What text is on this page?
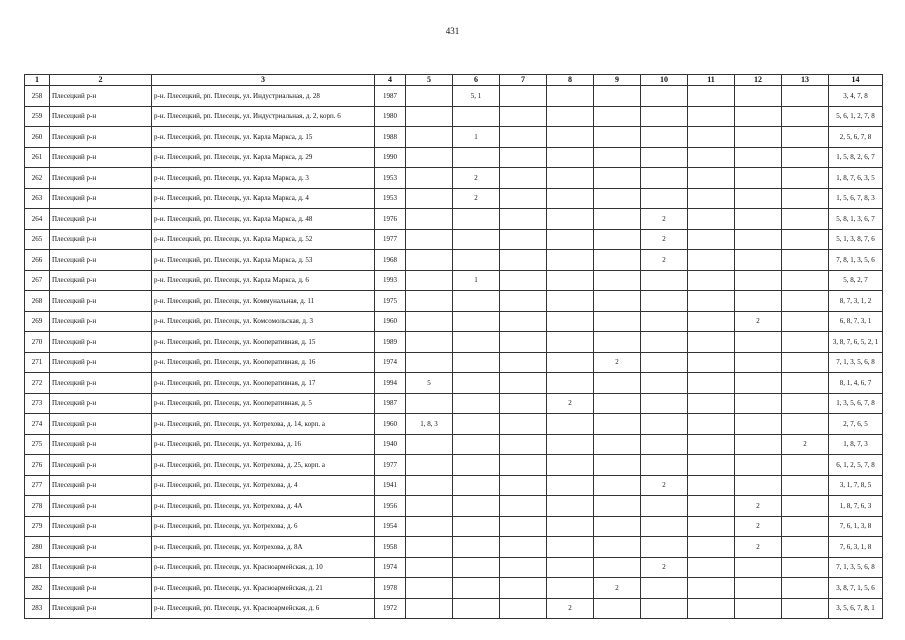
431
1	2	3	4	5	6	7	8	9	10	11	12	13	14
258	Плесецкий р-н	р-н. Плесецкий, рп. Плесецк, ул. Индустриальная, д. 28	1987		5, 1								3, 4, 7, 8
259	Плесецкий р-н	р-н. Плесецкий, рп. Плесецк, ул. Индустриальная, д. 2, корп. 6	1980										5, 6, 1, 2, 7, 8
260	Плесецкий р-н	р-н. Плесецкий, рп. Плесецк, ул. Карла Маркса, д. 15	1988		1								2, 5, 6, 7, 8
261	Плесецкий р-н	р-н. Плесецкий, рп. Плесецк, ул. Карла Маркса, д. 29	1990										1, 5, 8, 2, 6, 7
262	Плесецкий р-н	р-н. Плесецкий, рп. Плесецк, ул. Карла Маркса, д. 3	1953		2								1, 8, 7, 6, 3, 5
263	Плесецкий р-н	р-н. Плесецкий, рп. Плесецк, ул. Карла Маркса, д. 4	1953		2								1, 5, 6, 7, 8, 3
264	Плесецкий р-н	р-н. Плесецкий, рп. Плесецк, ул. Карла Маркса, д. 48	1976						2				5, 8, 1, 3, 6, 7
265	Плесецкий р-н	р-н. Плесецкий, рп. Плесецк, ул. Карла Маркса, д. 52	1977						2				5, 1, 3, 8, 7, 6
266	Плесецкий р-н	р-н. Плесецкий, рп. Плесецк, ул. Карла Маркса, д. 53	1968						2				7, 8, 1, 3, 5, 6
267	Плесецкий р-н	р-н. Плесецкий, рп. Плесецк, ул. Карла Маркса, д. 6	1993		1								5, 8, 2, 7
268	Плесецкий р-н	р-н. Плесецкий, рп. Плесецк, ул. Коммунальная, д. 11	1975										8, 7, 3, 1, 2
269	Плесецкий р-н	р-н. Плесецкий, рп. Плесецк, ул. Комсомольская, д. 3	1960								2		6, 8, 7, 3, 1
270	Плесецкий р-н	р-н. Плесецкий, рп. Плесецк, ул. Кооперативная, д. 15	1989										3, 8, 7, 6, 5, 2, 1
271	Плесецкий р-н	р-н. Плесецкий, рп. Плесецк, ул. Кооперативная, д. 16	1974					2					7, 1, 3, 5, 6, 8
272	Плесецкий р-н	р-н. Плесецкий, рп. Плесецк, ул. Кооперативная, д. 17	1994	5									8, 1, 4, 6, 7
273	Плесецкий р-н	р-н. Плесецкий, рп. Плесецк, ул. Кооперативная, д. 5	1987				2						1, 3, 5, 6, 7, 8
274	Плесецкий р-н	р-н. Плесецкий, рп. Плесецк, ул. Котрехова, д. 14, корп. а	1960	1, 8, 3									2, 7, 6, 5
275	Плесецкий р-н	р-н. Плесецкий, рп. Плесецк, ул. Котрехова, д. 16	1940									2	1, 8, 7, 3
276	Плесецкий р-н	р-н. Плесецкий, рп. Плесецк, ул. Котрехова, д. 25, корп. а	1977										6, 1, 2, 5, 7, 8
277	Плесецкий р-н	р-н. Плесецкий, рп. Плесецк, ул. Котрехова, д. 4	1941						2				3, 1, 7, 8, 5
278	Плесецкий р-н	р-н. Плесецкий, рп. Плесецк, ул. Котрехова, д. 4А	1956								2		1, 8, 7, 6, 3
279	Плесецкий р-н	р-н. Плесецкий, рп. Плесецк, ул. Котрехова, д. 6	1954								2		7, 6, 1, 3, 8
280	Плесецкий р-н	р-н. Плесецкий, рп. Плесецк, ул. Котрехова, д. 8А	1958								2		7, 6, 3, 1, 8
281	Плесецкий р-н	р-н. Плесецкий, рп. Плесецк, ул. Красноармейская, д. 10	1974						2				7, 1, 3, 5, 6, 8
282	Плесецкий р-н	р-н. Плесецкий, рп. Плесецк, ул. Красноармейская, д. 21	1978					2					3, 8, 7, 1, 5, 6
283	Плесецкий р-н	р-н. Плесецкий, рп. Плесецк, ул. Красноармейская, д. 6	1972				2						3, 5, 6, 7, 8, 1
